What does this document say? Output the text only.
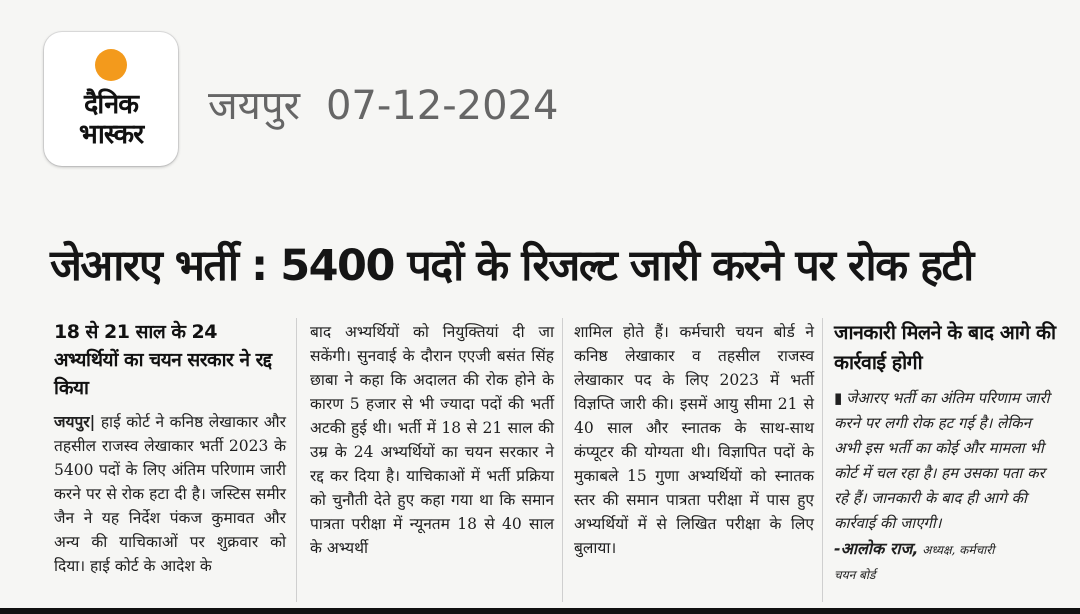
दैनिक
भास्कर
जयपुर 07-12-2024
जेआरए भर्ती : 5400 पदों के रिजल्ट जारी करने पर रोक हटी
18 से 21 साल के 24 अभ्यर्थियों का चयन सरकार ने रद्द किया
जयपुर| हाई कोर्ट ने कनिष्ठ लेखाकार और तहसील राजस्व लेखाकार भर्ती 2023 के 5400 पदों के लिए अंतिम परिणाम जारी करने पर से रोक हटा दी है। जस्टिस समीर जैन ने यह निर्देश पंकज कुमावत और अन्य की याचिकाओं पर शुक्रवार को दिया। हाई कोर्ट के आदेश के
बाद अभ्यर्थियों को नियुक्तियां दी जा सकेंगी। सुनवाई के दौरान एएजी बसंत सिंह छाबा ने कहा कि अदालत की रोक होने के कारण 5 हजार से भी ज्यादा पदों की भर्ती अटकी हुई थी। भर्ती में 18 से 21 साल की उम्र के 24 अभ्यर्थियों का चयन सरकार ने रद्द कर दिया है। याचिकाओं में भर्ती प्रक्रिया को चुनौती देते हुए कहा गया था कि समान पात्रता परीक्षा में न्यूनतम 18 से 40 साल के अभ्यर्थी
शामिल होते हैं। कर्मचारी चयन बोर्ड ने कनिष्ठ लेखाकार व तहसील राजस्व लेखाकार पद के लिए 2023 में भर्ती विज्ञप्ति जारी की। इसमें आयु सीमा 21 से 40 साल और स्नातक के साथ-साथ कंप्यूटर की योग्यता थी। विज्ञापित पदों के मुकाबले 15 गुणा अभ्यर्थियों को स्नातक स्तर की समान पात्रता परीक्षा में पास हुए अभ्यर्थियों में से लिखित परीक्षा के लिए बुलाया।
जानकारी मिलने के बाद आगे की कार्रवाई होगी
▮ जेआरए भर्ती का अंतिम परिणाम जारी करने पर लगी रोक हट गई है। लेकिन अभी इस भर्ती का कोई और मामला भी कोर्ट में चल रहा है। हम उसका पता कर रहे हैं। जानकारी के बाद ही आगे की कार्रवाई की जाएगी।
-आलोक राज, अध्यक्ष, कर्मचारी
चयन बोर्ड
